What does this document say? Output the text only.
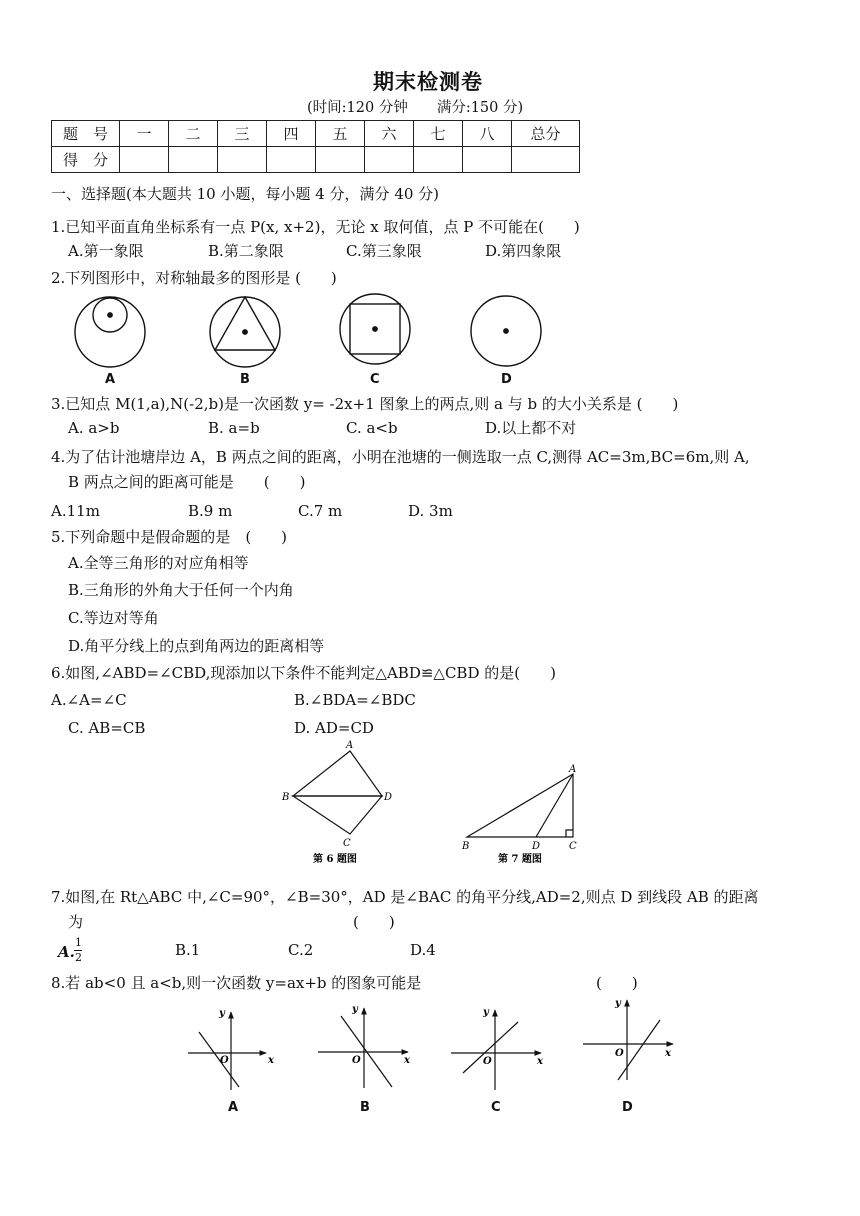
期末检测卷
(时间:120 分钟　　满分:150 分)
题　号	一	二	三	四	五	六	七	八	总分
得　分									
一、选择题(本大题共 10 小题，每小题 4 分，满分 40 分)
1.已知平面直角坐标系有一点 P(x, x+2)，无论 x 取何值，点 P 不可能在(　　)
A.第一象限	B.第二象限	C.第三象限	D.第四象限
2.下列图形中，对称轴最多的图形是 (　　)
A	B	C	D
3.已知点 M(1,a),N(-2,b)是一次函数 y= -2x+1 图象上的两点,则 a 与 b 的大小关系是 (　　)
A. a>b	B. a=b	C. a<b	D.以上都不对
4.为了估计池塘岸边 A，B 两点之间的距离，小明在池塘的一侧选取一点 C,测得 AC=3m,BC=6m,则 A,
B 两点之间的距离可能是　　(　　)
A.11m	B.9 m	C.7 m	D. 3m
5.下列命题中是假命题的是　(　　)
A.全等三角形的对应角相等
B.三角形的外角大于任何一个内角
C.等边对等角
D.角平分线上的点到角两边的距离相等
6.如图,∠ABD=∠CBD,现添加以下条件不能判定△ABD≌△CBD 的是(　　)
A.∠A=∠C	B.∠BDA=∠BDC
C. AB=CB	D. AD=CD
A
B
C
D
第 6 题图
A
B	D	C
第 7 题图
7.如图,在 Rt△ABC 中,∠C=90°，∠B=30°，AD 是∠BAC 的角平分线,AD=2,则点 D 到线段 AB 的距离
为　　　　　　　　　　　　　　　　　　(　　)
A.
1
2	B.1	C.2	D.4
8.若 ab<0 且 a<b,则一次函数 y=ax+b 的图象可能是	(　　)
y
x
O
y
x
O
y
x
O
y
x
O
A	B	C	D
